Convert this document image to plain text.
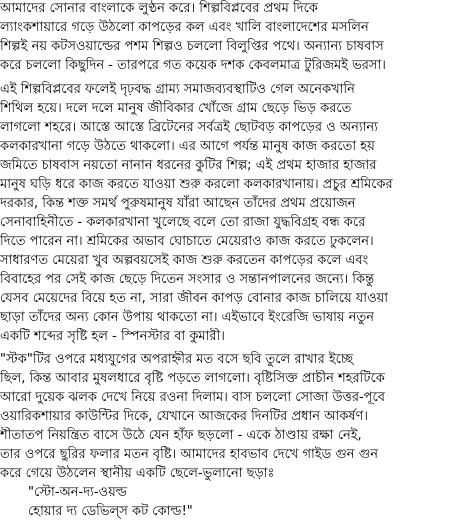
আমাদের সোনার বাংলাকে লুণ্ঠন করে। শিল্পবিপ্লবের প্রথম দিকে
ল্যাংকশায়ারে গড়ে উঠলো কাপড়ের কল এবং খালি বাংলাদেশের মসলিন
শিল্পই নয় কটসওয়াল্ডের পশম শিল্পও চললো বিলুপ্তির পথে। অন্যান্য চাষবাস
করে চললো কিছুদিন - তারপরে গত কয়েক দশক কেবলমাত্র টুরিজমই ভরসা।
এই শিল্পবিপ্লবের ফলেই দৃঢ়বদ্ধ গ্রাম্য সমাজব্যবস্থাটিও গেল অনেকখানি
শিথিল হয়ে। দলে দলে মানুষ জীবিকার খোঁজে গ্রাম ছেড়ে ভিড় করতে
লাগলো শহরে। আস্তে আস্তে ব্রিটেনের সর্বত্রই ছোটবড় কাপড়ের ও অন্যান্য
কলকারখানা গড়ে উঠতে থাকলো। এর আগে পর্যন্ত মানুষ কাজ করতো হয়
জমিতে চাষবাস নয়তো নানান ধরনের কুটির শিল্প; এই প্রথম হাজার হাজার
মানুষ ঘড়ি ধরে কাজ করতে যাওয়া শুরু করলো কলকারখানায়। প্রচুর শ্রমিকের
দরকার, কিন্ত শক্ত সমর্থ পুরুষমানুষ যাঁরা আছেন তাঁদের প্রথম প্রয়োজন
সেনাবাহিনীতে - কলকারখানা খুলেছে বলে তো রাজা যুদ্ধবিগ্রহ বন্ধ করে
দিতে পারেন না। শ্রমিকের অভাব ঘোচাতে মেয়েরাও কাজ করতে ঢুকলেন।
সাধারণত মেয়েরা খুব অল্পবয়সেই কাজ শুরু করতেন কাপড়ের কলে এবং
বিবাহের পর সেই কাজ ছেড়ে দিতেন সংসার ও সন্তানপালনের জন্যে। কিন্তু
যেসব মেয়েদের বিয়ে হত না, সারা জীবন কাপড় বোনার কাজ চালিয়ে যাওয়া
ছাড়া তাঁদের অন্য কোন উপায় থাকতো না। এইভাবে ইংরেজি ভাষায় নতুন
একটি শব্দের সৃষ্টি হল - স্পিনস্টার বা কুমারী।
"স্টক"টির ওপরে মধ্যযুগের অপরাহ্নীর মত বসে ছবি তুলে রাখার ইচ্ছে
ছিল, কিন্ত আবার মুষলধারে বৃষ্টি পড়তে লাগলো। বৃষ্টিসিক্ত প্রাচীন শহরটিকে
আরো দুয়েক ঝলক দেখে নিয়ে রওনা দিলাম। বাস চললো সোজা উত্তর-পূবে
ওয়ারিকশায়ার কাউন্টির দিকে, যেখানে আজকের দিনটির প্রধান আকর্ষণ।
শীতাতপ নিয়ন্ত্রিত বাসে উঠে যেন হাঁফ ছড়লো - একে ঠাণ্ডায় রক্ষা নেই,
তার ওপরে ছুরির ফলার মতন বৃষ্টি। আমাদের হাবভাব দেখে গাইড গুন গুন
করে গেয়ে উঠলেন স্থানীয় একটি ছেলে-ভুলানো ছড়াঃ
"স্টো-অন-দ্য-ওয়ল্ড
হোয়ার দ্য ডেভিল্স কট কোল্ড!"
